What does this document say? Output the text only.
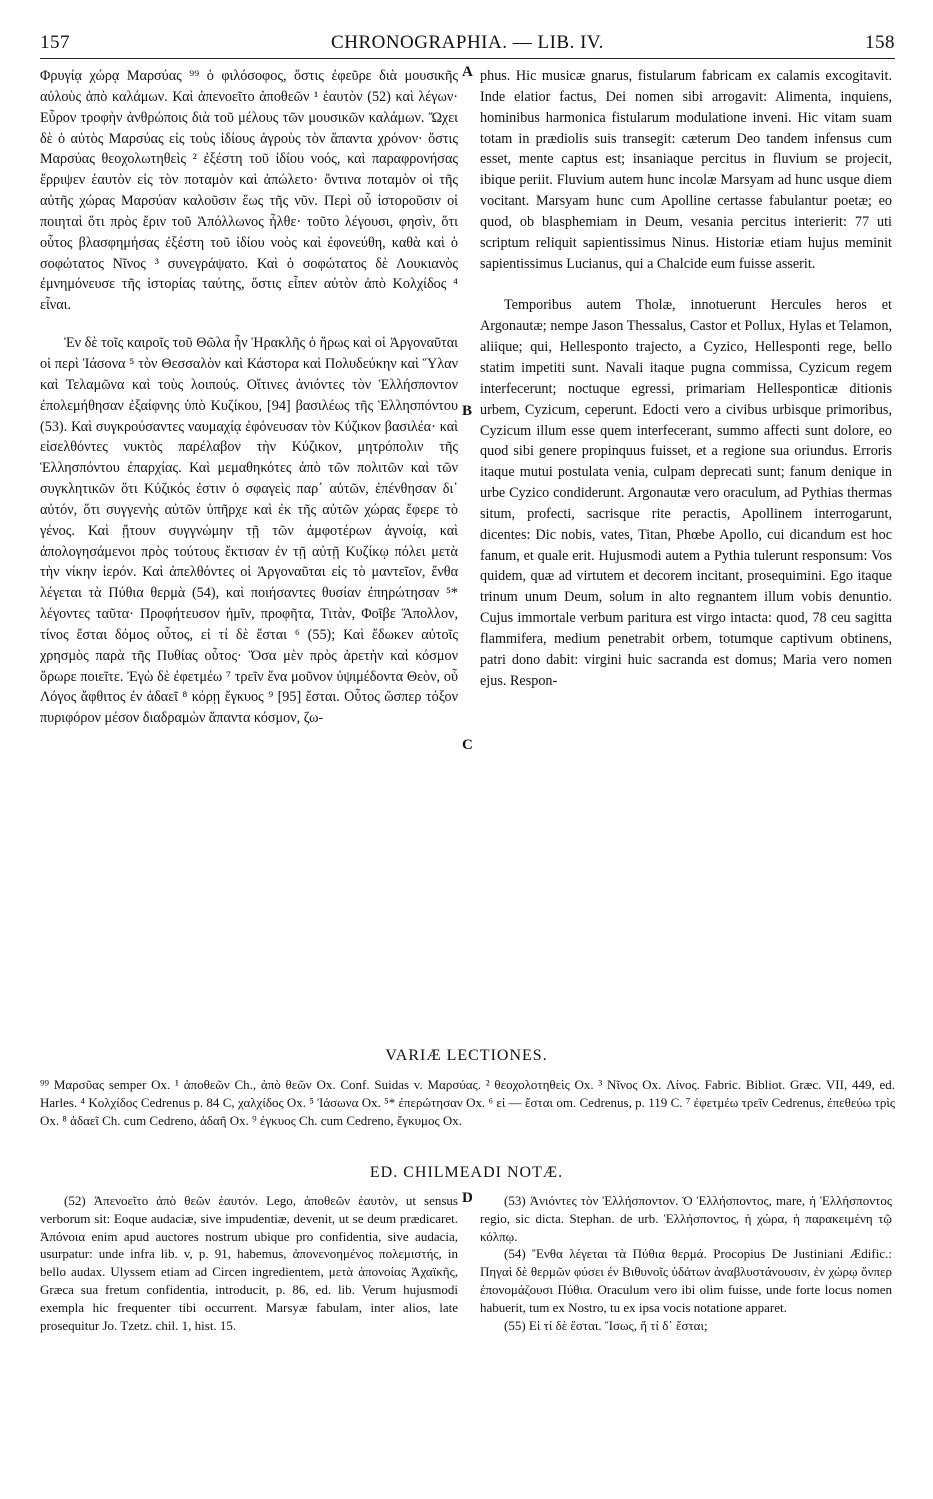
157	CHRONOGRAPHIA. — LIB. IV.	158
A
B
C

Φρυγίᾳ χώρᾳ Μαρσύας ⁹⁹ ὁ φιλόσοφος, ὅστις ἐφεῦρε διὰ μουσικῆς αὐλοὺς ἀπὸ καλάμων. Καὶ ἀπενοεῖτο ἀποθεῶν ¹ ἑαυτὸν (52) καὶ λέγων· Εὗρον τροφὴν ἀνθρώποις διὰ τοῦ μέλους τῶν μουσικῶν καλάμων. Ὤχει δὲ ὁ αὐτὸς Μαρσύας εἰς τοὺς ἰδίους ἀγροὺς τὸν ἅπαντα χρόνον· ὅστις Μαρσύας θεοχολωτηθεὶς ² ἐξέστη τοῦ ἰδίου νοός, καὶ παραφρονήσας ἔρριψεν ἑαυτὸν εἰς τὸν ποταμὸν καὶ ἀπώλετο· ὄντινα ποταμὸν οἱ τῆς αὐτῆς χώρας Μαρσύαν καλοῦσιν ἕως τῆς νῦν. Περὶ οὗ ἱστοροῦσιν οἱ ποιηταὶ ὅτι πρὸς ἔριν τοῦ Ἀπόλλωνος ἦλθε· τοῦτο λέγουσι, φησὶν, ὅτι οὗτος βλασφημήσας ἐξέστη τοῦ ἰδίου νοὸς καὶ ἐφονεύθη, καθὰ καὶ ὁ σοφώτατος Νῖνος ³ συνεγράψατο. Καὶ ὁ σοφώτατος δὲ Λουκιανὸς ἐμνημόνευσε τῆς ἱστορίας ταύτης, ὅστις εἶπεν αὐτὸν ἀπὸ Κολχίδος ⁴ εἶναι.

Ἐν δὲ τοῖς καιροῖς τοῦ Θῶλα ἦν Ἡρακλῆς ὁ ἥρως καὶ οἱ Ἀργοναῦται οἱ περὶ Ἰάσονα ⁵ τὸν Θεσσαλὸν καὶ Κάστορα καὶ Πολυδεύκην καὶ Ὕλαν καὶ Τελαμῶνα καὶ τοὺς λοιπούς. Οἵτινες ἀνιόντες τὸν Ἑλλήσποντον ἐπολεμήθησαν ἐξαίφνης ὑπὸ Κυζίκου, [94] βασιλέως τῆς Ἑλλησπόντου (53). Καὶ συγκρούσαντες ναυμαχίᾳ ἐφόνευσαν τὸν Κύζικον βασιλέα· καὶ εἰσελθόντες νυκτὸς παρέλαβον τὴν Κύζικον, μητρόπολιν τῆς Ἑλλησπόντου ἐπαρχίας. Καὶ μεμαθηκότες ἀπὸ τῶν πολιτῶν καὶ τῶν συγκλητικῶν ὅτι Κύζικός ἐστιν ὁ σφαγεὶς παρ᾽ αὐτῶν, ἐπένθησαν δι᾽ αὐτόν, ὅτι συγγενὴς αὐτῶν ὑπῆρχε καὶ ἐκ τῆς αὐτῶν χώρας ἔφερε τὸ γένος. Καὶ ᾔτουν συγγνώμην τῇ τῶν ἀμφοτέρων ἀγνοίᾳ, καὶ ἀπολογησάμενοι πρὸς τούτους ἔκτισαν ἐν τῇ αὐτῇ Κυζίκῳ πόλει μετὰ τὴν νίκην ἱερόν. Καὶ ἀπελθόντες οἱ Ἀργοναῦται εἰς τὸ μαντεῖον, ἔνθα λέγεται τὰ Πύθια θερμὰ (54), καὶ ποιήσαντες θυσίαν ἐπηρώτησαν ⁵* λέγοντες ταῦτα· Προφήτευσον ἡμῖν, προφῆτα, Τιτὰν, Φοῖβε Ἄπολλον, τίνος ἔσται δόμος οὗτος, εἰ τί δὲ ἔσται ⁶ (55); Καὶ ἔδωκεν αὐτοῖς χρησμὸς παρὰ τῆς Πυθίας οὗτος· Ὅσα μὲν πρὸς ἀρετὴν καὶ κόσμον ὅρωρε ποιεῖτε. Ἐγὼ δὲ ἐφετμέω ⁷ τρεῖν ἕνα μοῦνον ὑψιμέδοντα Θεὸν, οὗ Λόγος ἄφθιτος ἐν ἀδαεῖ ⁸ κόρῃ ἔγκυος ⁹ [95] ἔσται. Οὗτος ὥσπερ τόξον πυριφόρον μέσον διαδραμὼν ἅπαντα κόσμον, ζω-

phus. Hic musicæ gnarus, fistularum fabricam ex calamis excogitavit. Inde elatior factus, Dei nomen sibi arrogavit: Alimenta, inquiens, hominibus harmonica fistularum modulatione inveni. Hic vitam suam totam in prædiolis suis transegit: cæterum Deo tandem infensus cum esset, mente captus est; insaniaque percitus in fluvium se projecit, ibique periit. Fluvium autem hunc incolæ Marsyam ad hunc usque diem vocitant. Marsyam hunc cum Apolline certasse fabulantur poetæ; eo quod, ob blasphemiam in Deum, vesania percitus interierit: 77 uti scriptum reliquit sapientissimus Ninus. Historiæ etiam hujus meminit sapientissimus Lucianus, qui a Chalcide eum fuisse asserit.

Temporibus autem Tholæ, innotuerunt Hercules heros et Argonautæ; nempe Jason Thessalus, Castor et Pollux, Hylas et Telamon, aliique; qui, Hellesponto trajecto, a Cyzico, Hellesponti rege, bello statim impetiti sunt. Navali itaque pugna commissa, Cyzicum regem interfecerunt; noctuque egressi, primariam Hellesponticæ ditionis urbem, Cyzicum, ceperunt. Edocti vero a civibus urbisque primoribus, Cyzicum illum esse quem interfecerant, summo affecti sunt dolore, eo quod sibi genere propinquus fuisset, et a regione sua oriundus. Erroris itaque mutui postulata venia, culpam deprecati sunt; fanum denique in urbe Cyzico condiderunt. Argonautæ vero oraculum, ad Pythias thermas situm, profecti, sacrisque rite peractis, Apollinem interrogarunt, dicentes: Dic nobis, vates, Titan, Phœbe Apollo, cui dicandum est hoc fanum, et quale erit. Hujusmodi autem a Pythia tulerunt responsum: Vos quidem, quæ ad virtutem et decorem incitant, prosequimini. Ego itaque trinum unum Deum, solum in alto regnantem illum vobis denuntio. Cujus immortale verbum paritura est virgo intacta: quod, 78 ceu sagitta flammifera, medium penetrabit orbem, totumque captivum obtinens, patri dono dabit: virgini huic sacranda est domus; Maria vero nomen ejus. Respon-

VARIÆ LECTIONES.

⁹⁹ Μαρσῦας semper Ox. ¹ ἀποθεῶν Ch., ἀπὸ θεῶν Ox. Conf. Suidas v. Μαρσύας. ² θεοχολοτηθεὶς Ox. ³ Νῖνος Ox. Λίνος. Fabric. Bibliot. Græc. VII, 449, ed. Harles. ⁴ Κολχίδος Cedrenus p. 84 C, χαλχίδος Ox. ⁵ Ἰάσωνα Ox. ⁵* ἐπερώτησαν Ox. ⁶ εἰ — ἔσται om. Cedrenus, p. 119 C. ⁷ ἐφετμέω τρεῖν Cedrenus, ἐπεθεύω τρὶς Ox. ⁸ ἀδαεῖ Ch. cum Cedreno, ἀδαῆ Ox. ⁹ ἐγκυος Ch. cum Cedreno, ἔγκυμος Ox.

ED. CHILMEADI NOTÆ.
D

(52) Ἀπενοεῖτο ἀπὸ θεῶν ἑαυτόν. Lego, ἀποθεῶν ἑαυτὸν, ut sensus verborum sit: Eoque audaciæ, sive impudentiæ, devenit, ut se deum prædicaret. Ἀπόνοια enim apud auctores nostrum ubique pro confidentia, sive audacia, usurpatur: unde infra lib. v, p. 91, habemus, ἀπονενοημένος πολεμιστής, in bello audax. Ulyssem etiam ad Circen ingredientem, μετὰ ἀπονοίας Ἀχαϊκῆς, Græca sua fretum confidentia, introducit, p. 86, ed. lib. Verum hujusmodi exempla hic frequenter tibi occurrent. Marsyæ fabulam, inter alios, late prosequitur Jo. Tzetz. chil. 1, hist. 15.

(53) Ἀνιόντες τὸν Ἑλλήσποντον. Ὁ Ἑλλήσποντος, mare, ἡ Ἑλλήσποντος regio, sic dicta. Stephan. de urb. Ἑλλήσποντος, ἡ χώρα, ἡ παρακειμένη τῷ κόλπῳ.

(54) Ἔνθα λέγεται τὰ Πύθια θερμά. Procopius De Justiniani Ædific.: Πηγαὶ δὲ θερμῶν φύσει ἐν Βιθυνοῖς ὑδάτων ἀναβλυστάνουσιν, ἐν χώρῳ ὅνπερ ἐπονομάζουσι Πύθια. Oraculum vero ibi olim fuisse, unde forte locus nomen habuerit, tum ex Nostro, tu ex ipsa vocis notatione apparet.

(55) Εἰ τί δὲ ἔσται. Ἴσως, ἤ τί δ᾽ ἔσται;
